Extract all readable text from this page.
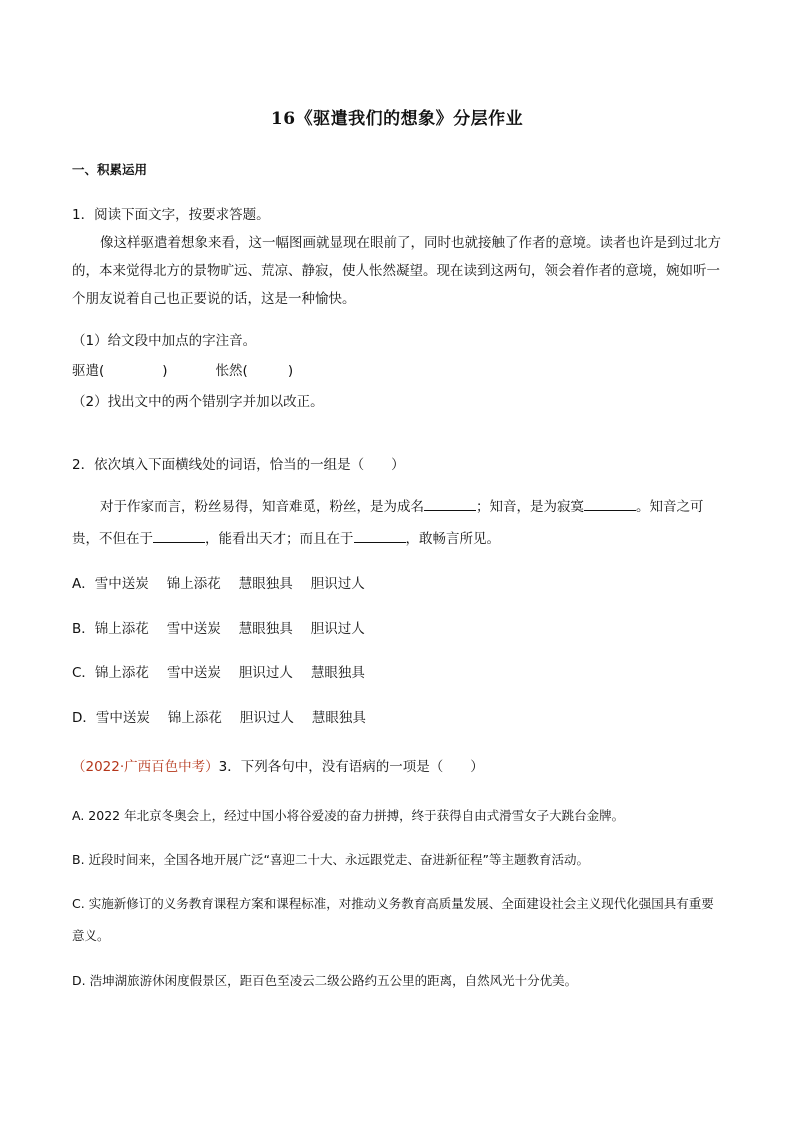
16《驱遣我们的想象》分层作业
一、积累运用
1．阅读下面文字，按要求答题。
像这样驱遣着想象来看，这一幅图画就显现在眼前了，同时也就接触了作者的意境。读者也许是到过北方的，本来觉得北方的景物旷远、荒凉、静寂，使人怅然凝望。现在读到这两句，领会着作者的意境，婉如听一个朋友说着自己也正要说的话，这是一种愉快。
（1）给文段中加点的字注音。
驱遣(	)	怅然(	)
（2）找出文中的两个错别字并加以改正。
2．依次填入下面横线处的词语，恰当的一组是（　　）
对于作家而言，粉丝易得，知音难觅，粉丝，是为成名	；知音，是为寂寞	。知音之可贵，不但在于	，能看出天才；而且在于	，敢畅言所见。
A．雪中送炭 锦上添花 慧眼独具 胆识过人
B．锦上添花 雪中送炭 慧眼独具 胆识过人
C．锦上添花 雪中送炭 胆识过人 慧眼独具
D．雪中送炭 锦上添花 胆识过人 慧眼独具
（2022·广西百色中考）3．下列各句中，没有语病的一项是（　　）
A. 2022 年北京冬奥会上，经过中国小将谷爱凌的奋力拼搏，终于获得自由式滑雪女子大跳台金牌。
B. 近段时间来，全国各地开展广泛“喜迎二十大、永远跟党走、奋进新征程”等主题教育活动。
C. 实施新修订的义务教育课程方案和课程标准，对推动义务教育高质量发展、全面建设社会主义现代化强国具有重要意义。
D. 浩坤湖旅游休闲度假景区，距百色至凌云二级公路约五公里的距离，自然风光十分优美。
